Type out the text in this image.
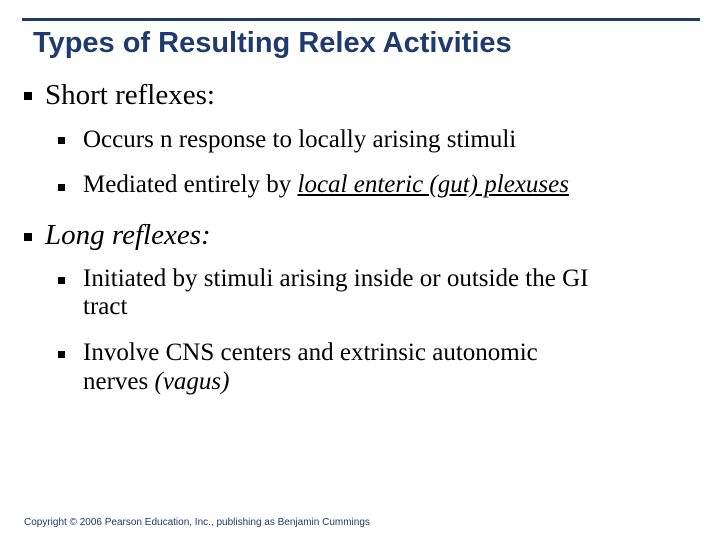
Types of Resulting Relex Activities
Short reflexes:
Occurs n response to locally arising stimuli
Mediated entirely by local enteric (gut) plexuses
Long reflexes:
Initiated by stimuli arising inside or outside the GI
tract
Involve CNS centers and extrinsic autonomic
nerves (vagus)
Copyright © 2006 Pearson Education, Inc., publishing as Benjamin Cummings
